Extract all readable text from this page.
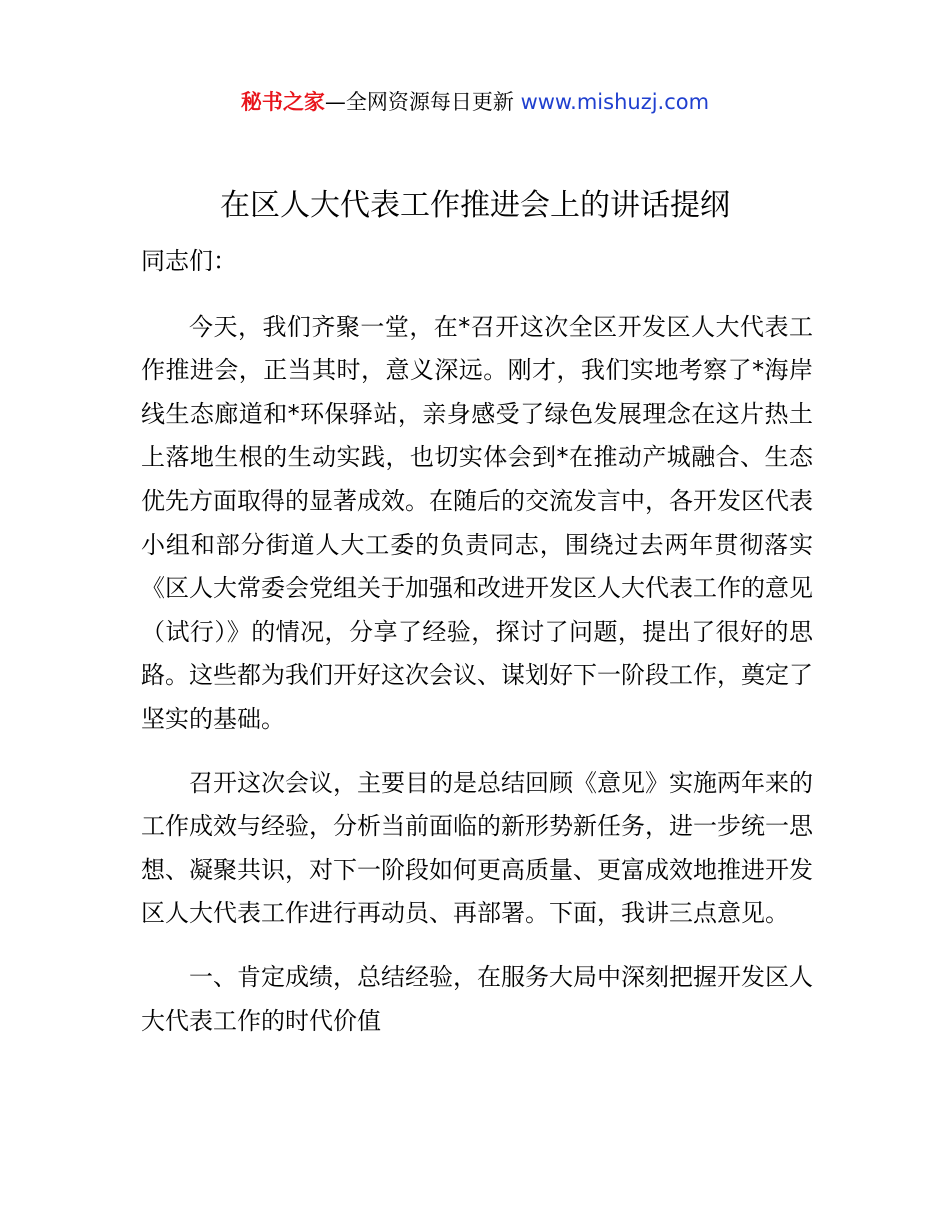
秘书之家—全网资源每日更新 www.mishuzj.com
在区人大代表工作推进会上的讲话提纲

同志们：

今天，我们齐聚一堂，在*召开这次全区开发区人大代表工作推进会，正当其时，意义深远。刚才，我们实地考察了*海岸线生态廊道和*环保驿站，亲身感受了绿色发展理念在这片热土上落地生根的生动实践，也切实体会到*在推动产城融合、生态优先方面取得的显著成效。在随后的交流发言中，各开发区代表小组和部分街道人大工委的负责同志，围绕过去两年贯彻落实《区人大常委会党组关于加强和改进开发区人大代表工作的意见（试行）》的情况，分享了经验，探讨了问题，提出了很好的思路。这些都为我们开好这次会议、谋划好下一阶段工作，奠定了坚实的基础。

召开这次会议，主要目的是总结回顾《意见》实施两年来的工作成效与经验，分析当前面临的新形势新任务，进一步统一思想、凝聚共识，对下一阶段如何更高质量、更富成效地推进开发区人大代表工作进行再动员、再部署。下面，我讲三点意见。

一、肯定成绩，总结经验，在服务大局中深刻把握开发区人大代表工作的时代价值
